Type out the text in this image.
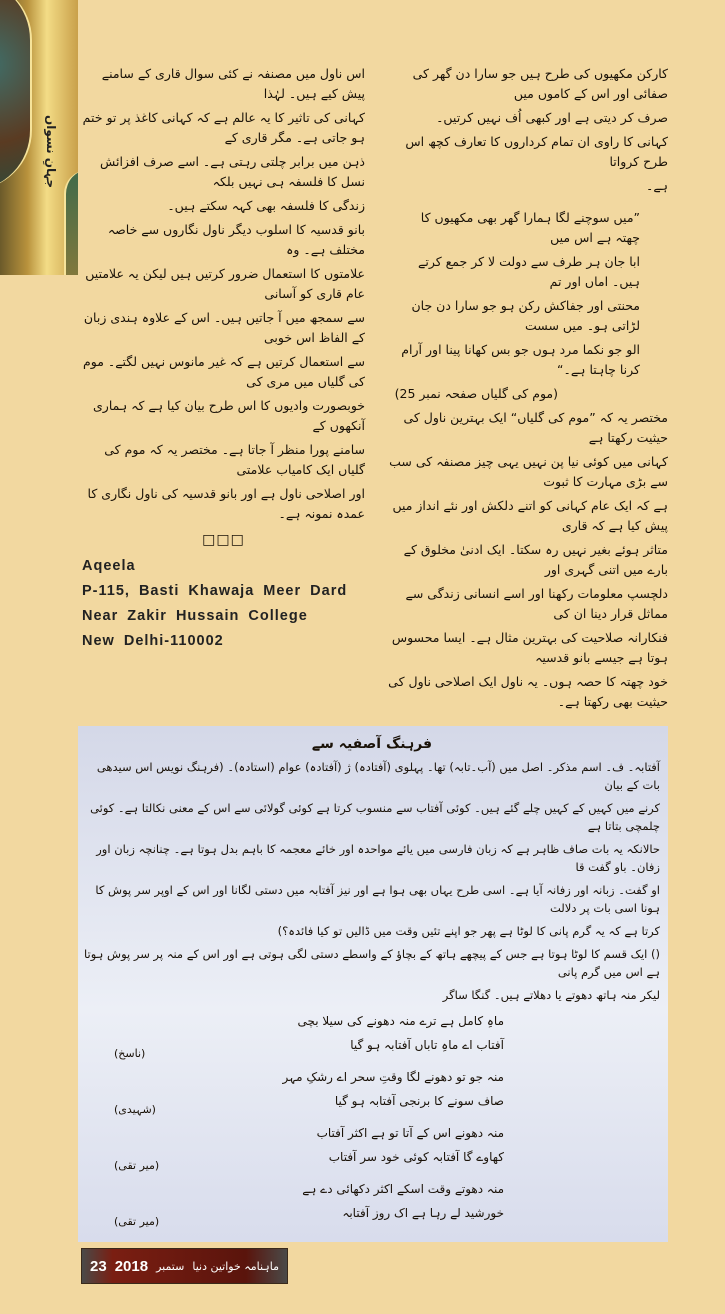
جہانِ نسواں
اس ناول میں مصنفہ نے کئی سوال قاری کے سامنے پیش کیے ہیں۔ لہٰذا
کہانی کی تاثیر کا یہ عالم ہے کہ کہانی کاغذ پر تو ختم ہو جاتی ہے۔ مگر قاری کے
ذہن میں برابر چلتی رہتی ہے۔ اسے صرف افزائش نسل کا فلسفہ ہی نہیں بلکہ
زندگی کا فلسفہ بھی کہہ سکتے ہیں۔
بانو قدسیہ کا اسلوب دیگر ناول نگاروں سے خاصہ مختلف ہے۔ وہ
علامتوں کا استعمال ضرور کرتیں ہیں لیکن یہ علامتیں عام قاری کو آسانی
سے سمجھ میں آ جاتیں ہیں۔ اس کے علاوہ ہندی زبان کے الفاظ اس خوبی
سے استعمال کرتیں ہے کہ غیر مانوس نہیں لگتے۔ موم کی گلیاں میں مری کی
خوبصورت وادیوں کا اس طرح بیان کیا ہے کہ ہماری آنکھوں کے
سامنے پورا منظر آ جاتا ہے۔ مختصر یہ کہ موم کی گلیاں ایک کامیاب علامتی
اور اصلاحی ناول ہے اور بانو قدسیہ کی ناول نگاری کا عمدہ نمونہ ہے۔
□□□
Aqeela
P-115, Basti Khawaja Meer Dard
Near Zakir Hussain College
New Delhi-110002
کارکن مکھیوں کی طرح ہیں جو سارا دن گھر کی صفائی اور اس کے کاموں میں
صرف کر دیتی ہے اور کبھی اُف نہیں کرتیں۔
کہانی کا راوی ان تمام کرداروں کا تعارف کچھ اس طرح کرواتا
ہے۔
”میں سوچنے لگا ہمارا گھر بھی مکھیوں کا چھتہ ہے اس میں
ابا جان ہر طرف سے دولت لا کر جمع کرتے ہیں۔ اماں اور تم
محنتی اور جفاکش رکن ہو جو سارا دن جان لڑاتی ہو۔ میں سست
الو جو نکما مرد ہوں جو بس کھانا پینا اور آرام کرنا چاہتا ہے۔“
(موم کی گلیاں صفحہ نمبر 25)
مختصر یہ کہ ”موم کی گلیاں“ ایک بہترین ناول کی حیثیت رکھتا ہے
کہانی میں کوئی نیا پن نہیں یہی چیز مصنفہ کی سب سے بڑی مہارت کا ثبوت
ہے کہ ایک عام کہانی کو اتنے دلکش اور نئے انداز میں پیش کیا ہے کہ قاری
متاثر ہوئے بغیر نہیں رہ سکتا۔ ایک ادنیٰ مخلوق کے بارے میں اتنی گہری اور
دلچسپ معلومات رکھنا اور اسے انسانی زندگی سے مماثل قرار دینا ان کی
فنکارانہ صلاحیت کی بہترین مثال ہے۔ ایسا محسوس ہوتا ہے جیسے بانو قدسیہ
خود چھتہ کا حصہ ہوں۔ یہ ناول ایک اصلاحی ناول کی حیثیت بھی رکھتا ہے۔
فرہنگ آصفیہ سے
آفتابہ۔ ف۔ اسم مذکر۔ اصل میں (آب۔تابہ) تھا۔ پہلوی (آفتادہ) ژ (آفتادہ) عوام (استادہ)۔ (فرہنگ نویس اس سیدھی بات کے بیان
کرنے میں کہیں کے کہیں چلے گئے ہیں۔ کوئی آفتاب سے منسوب کرتا ہے کوئی گولائی سے اس کے معنی نکالتا ہے۔ کوئی چلمچی بتاتا ہے
حالانکہ یہ بات صاف ظاہر ہے کہ زبان فارسی میں یائے مواحدہ اور خائے معجمہ کا باہم بدل ہوتا ہے۔ چنانچہ زبان اور زفان۔ باو گفت قا
او گفت۔ زبانہ اور زفانہ آیا ہے۔ اسی طرح یہاں بھی ہوا ہے اور نیز آفتابہ میں دستی لگانا اور اس کے اوپر سر پوش کا ہونا اسی بات پر دلالت
کرتا ہے کہ یہ گرم پانی کا لوٹا ہے پھر جو اپنے تئیں وقت میں ڈالیں تو کیا فائدہ؟)
() ایک قسم کا لوٹا ہوتا ہے جس کے پیچھے ہاتھ کے بچاؤ کے واسطے دستی لگی ہوتی ہے اور اس کے منہ پر سر پوش ہوتا ہے اس میں گرم پانی
لیکر منہ ہاتھ دھوتے یا دھلاتے ہیں۔ گنگا ساگر
(ناسخ)
ماہِ کامل ہے ترے منہ دھونے کی سیلا بچی
آفتاب اے ماہِ تاباں آفتابہ ہو گیا
(شہیدی)
منہ جو تو دھونے لگا وقتِ سحر اے رشکِ مہر
صاف سونے کا برنجی آفتابہ ہو گیا
(میر تقی)
منہ دھونے اس کے آتا تو ہے اکثر آفتاب
کھاوے گا آفتابہ کوئی خود سر آفتاب
(میر تقی)
منہ دھوتے وقت اسکے اکثر دکھائی دے ہے
خورشید لے رہا ہے اک روز آفتابہ
23 2018 ستمبر ماہنامہ خواتین دنیا
